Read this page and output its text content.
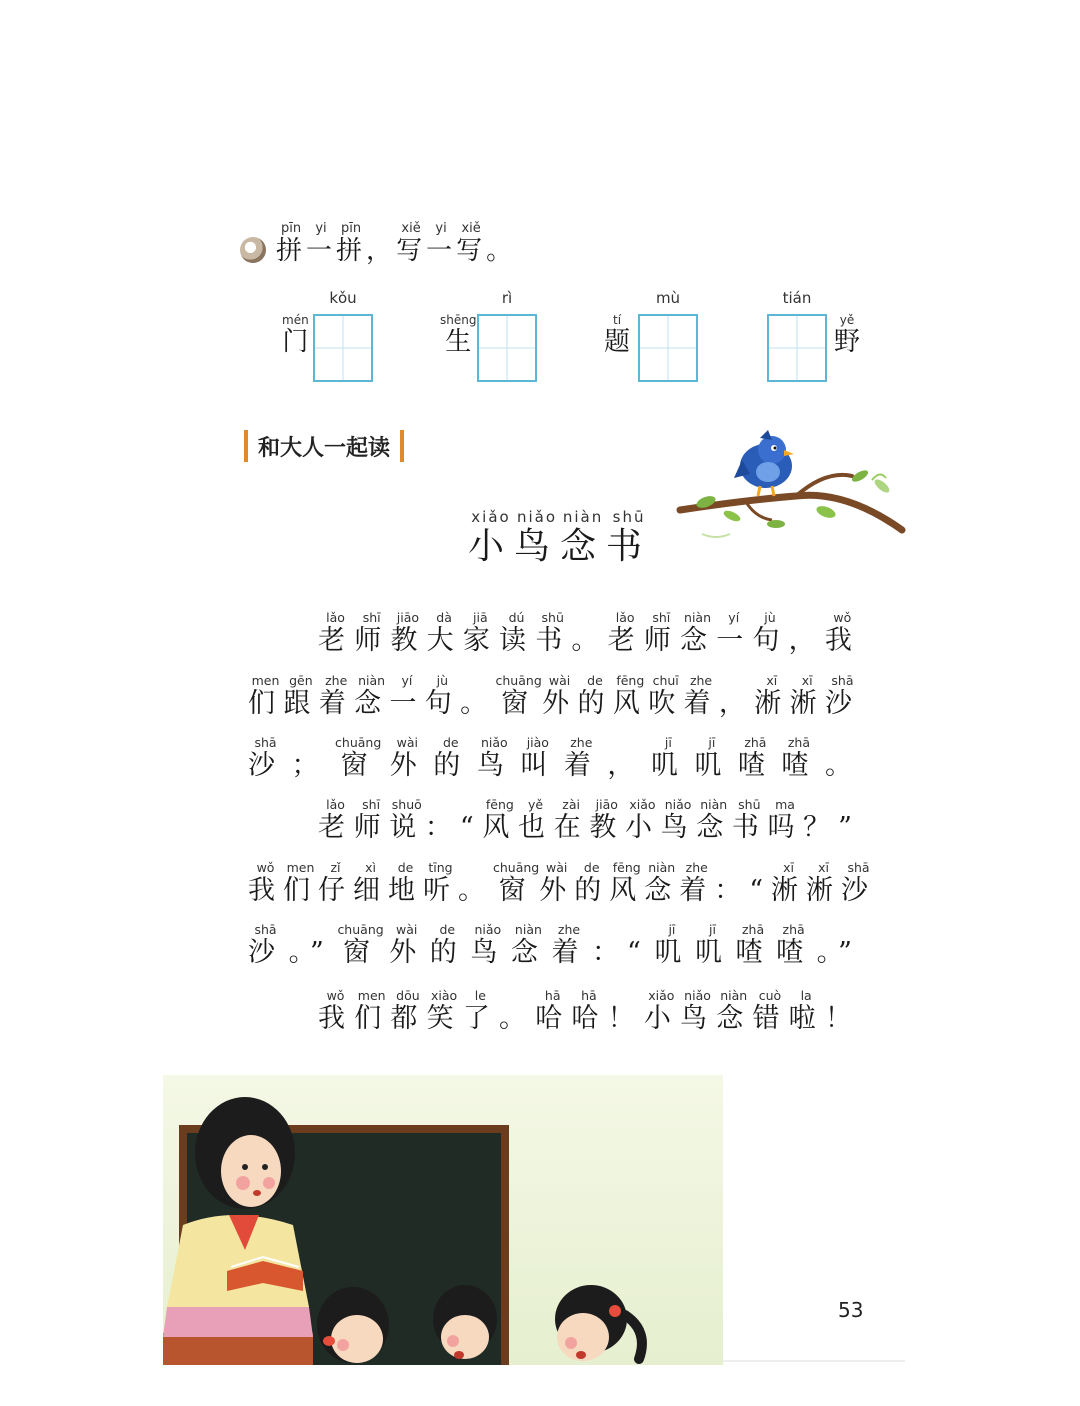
拼pīn一yi拼pīn， 写xiě一yi写xiě。
kǒu
门mén
rì
生shēng
mù
题tí
tián
野yě
和大人一起读
小xiǎo鸟niǎo念niàn书shū
老lǎo
师shī
教jiāo
大dà
家jiā
读dú
书shū
。 老lǎo
师shī
念niàn
一yí
句jù
， 我wǒ
们men
跟gēn
着zhe
念niàn
一yí
句jù
。 窗chuāng
外wài
的de
风fēng
吹chuī
着zhe
， 淅xī
淅xī
沙shā
沙shā
； 窗chuāng
外wài
的de
鸟niǎo
叫jiào
着zhe
， 叽jī
叽jī
喳zhā
喳zhā
。
老lǎo
师shī
说shuō
：“ 风fēng
也yě
在zài
教jiāo
小xiǎo
鸟niǎo
念niàn
书shū
吗ma
？”
我wǒ
们men
仔zǐ
细xì
地de
听tīng
。 窗chuāng
外wài
的de
风fēng
念niàn
着zhe
：“ 淅xī
淅xī
沙shā
沙shā
。” 窗chuāng
外wài
的de
鸟niǎo
念niàn
着zhe
：“ 叽jī
叽jī
喳zhā
喳zhā
。”
我wǒ
们men
都dōu
笑xiào
了le
。 哈hā
哈hā
！ 小xiǎo
鸟niǎo
念niàn
错cuò
啦la
！
53
